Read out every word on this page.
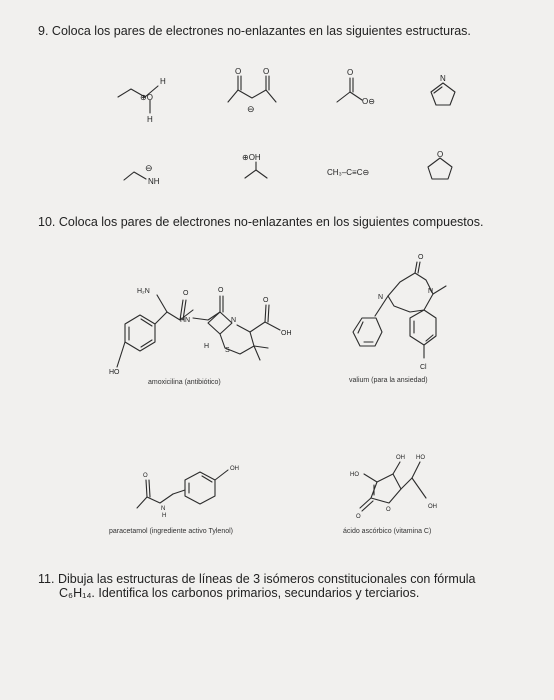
9. Coloca los pares de electrones no-enlazantes en las siguientes estructuras.
10. Coloca los pares de electrones no-enlazantes en los siguientes compuestos.
11. Dibuja las estructuras de líneas de 3 isómeros constitucionales con fórmula
C₆H₁₄. Identifica los carbonos primarios, secundarios y terciarios.
amoxicilina (antibiótico)	valium (para la ansiedad)
paracetamol (ingrediente activo Tylenol)	ácido ascórbico (vitamina C)
⊕O
H
H
O	O
⊖
O
O⊖
N
⊖
NH
⊕OH
CH₃–C≡C⊖
O
HO
H₂N	O
HN
O
N
H
S
O
OH
O
N
N
Cl
O
N
H
OH
O
O
HO
OH HO
OH
